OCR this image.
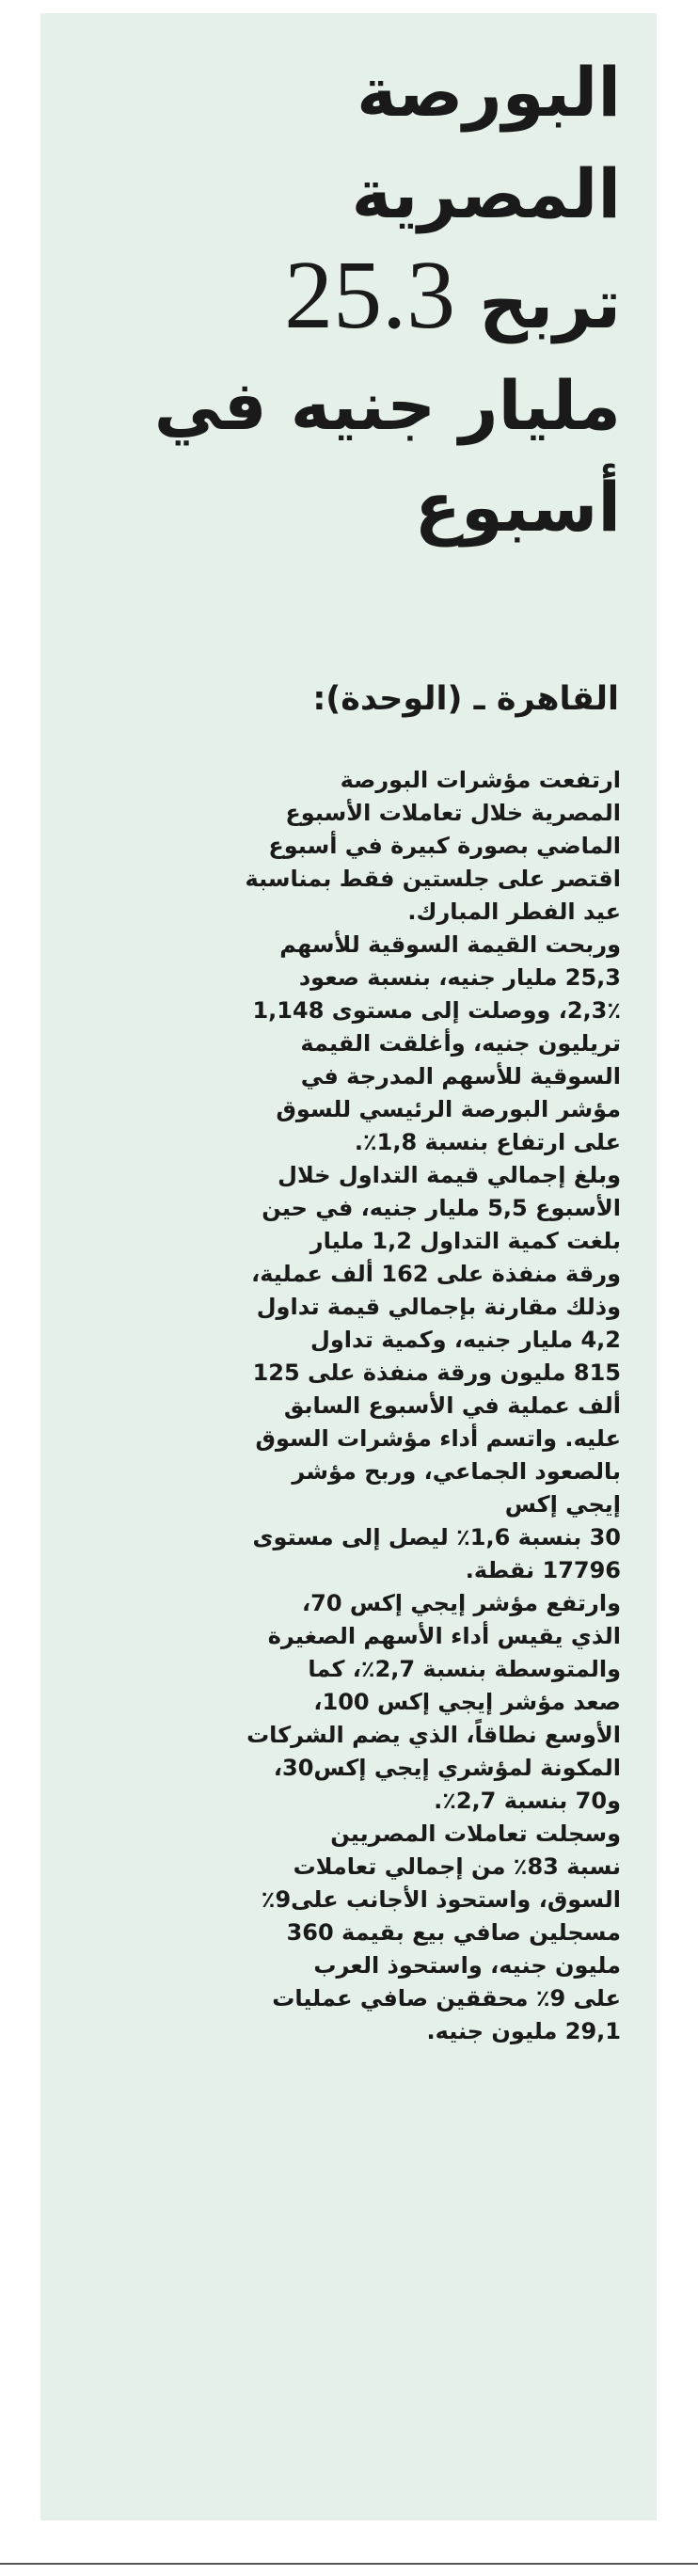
البورصة
المصرية
تربح 25.3
مليار جنيه في
أسبوع

القاهرة ـ (الوحدة):

ارتفعت مؤشرات البورصة
المصرية خلال تعاملات الأسبوع
الماضي بصورة كبيرة في أسبوع
اقتصر على جلستين فقط بمناسبة
عيد الفطر المبارك.
وربحت القيمة السوقية للأسهم
25,3 مليار جنيه، بنسبة صعود
2,3٪، ووصلت إلى مستوى 1,148
تريليون جنيه، وأغلقت القيمة
السوقية للأسهم المدرجة في
مؤشر البورصة الرئيسي للسوق
على ارتفاع بنسبة 1,8٪.
وبلغ إجمالي قيمة التداول خلال
الأسبوع 5,5 مليار جنيه، في حين
بلغت كمية التداول 1,2 مليار
ورقة منفذة على 162 ألف عملية،
وذلك مقارنة بإجمالي قيمة تداول
4,2 مليار جنيه، وكمية تداول
815 مليون ورقة منفذة على 125
ألف عملية في الأسبوع السابق
عليه. واتسم أداء مؤشرات السوق
بالصعود الجماعي، وربح مؤشر
إيجي إكس
30 بنسبة 1,6٪ ليصل إلى مستوى
17796 نقطة.
وارتفع مؤشر إيجي إكس 70،
الذي يقيس أداء الأسهم الصغيرة
والمتوسطة بنسبة 2,7٪، كما
صعد مؤشر إيجي إكس 100،
الأوسع نطاقاً، الذي يضم الشركات
المكونة لمؤشري إيجي إكس30،
و70 بنسبة 2,7٪.
وسجلت تعاملات المصريين
نسبة 83٪ من إجمالي تعاملات
السوق، واستحوذ الأجانب على9٪
مسجلين صافي بيع بقيمة 360
مليون جنيه، واستحوذ العرب
على 9٪ محققين صافي عمليات
29,1 مليون جنيه.
